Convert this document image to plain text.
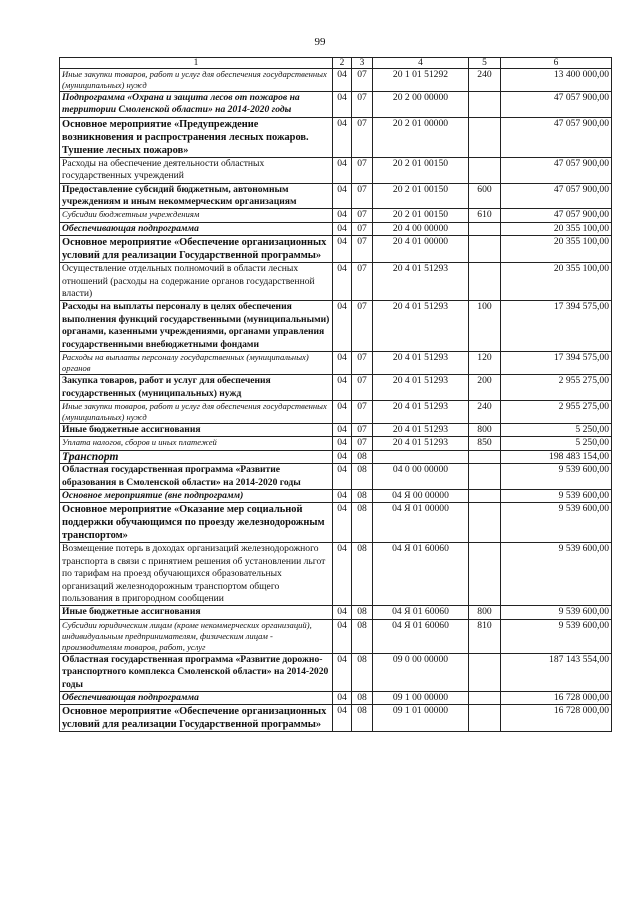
99
1	2	3	4	5	6
Иные закупки товаров, работ и услуг для обеспечения государственных (муниципальных) нужд	04	07	20 1 01 51292	240	13 400 000,00
Подпрограмма «Охрана и защита лесов от пожаров на территории Смоленской области» на 2014-2020 годы	04	07	20 2 00 00000		47 057 900,00
Основное мероприятие «Предупреждение возникновения и распространения лесных пожаров. Тушение лесных пожаров»	04	07	20 2 01 00000		47 057 900,00
Расходы на обеспечение деятельности областных государственных учреждений	04	07	20 2 01 00150		47 057 900,00
Предоставление субсидий бюджетным, автономным учреждениям и иным некоммерческим организациям	04	07	20 2 01 00150	600	47 057 900,00
Субсидии бюджетным учреждениям	04	07	20 2 01 00150	610	47 057 900,00
Обеспечивающая подпрограмма	04	07	20 4 00 00000		20 355 100,00
Основное мероприятие «Обеспечение организационных условий для реализации Государственной программы»	04	07	20 4 01 00000		20 355 100,00
Осуществление отдельных полномочий в области лесных отношений (расходы на содержание органов государственной власти)	04	07	20 4 01 51293		20 355 100,00
Расходы на выплаты персоналу в целях обеспечения выполнения функций государственными (муниципальными) органами, казенными учреждениями, органами управления государственными внебюджетными фондами	04	07	20 4 01 51293	100	17 394 575,00
Расходы на выплаты персоналу государственных (муниципальных) органов	04	07	20 4 01 51293	120	17 394 575,00
Закупка товаров, работ и услуг для обеспечения государственных (муниципальных) нужд	04	07	20 4 01 51293	200	2 955 275,00
Иные закупки товаров, работ и услуг для обеспечения государственных (муниципальных) нужд	04	07	20 4 01 51293	240	2 955 275,00
Иные бюджетные ассигнования	04	07	20 4 01 51293	800	5 250,00
Уплата налогов, сборов и иных платежей	04	07	20 4 01 51293	850	5 250,00
Транспорт	04	08			198 483 154,00
Областная государственная программа «Развитие образования в Смоленской области» на 2014-2020 годы	04	08	04 0 00 00000		9 539 600,00
Основное мероприятие (вне подпрограмм)	04	08	04 Я 00 00000		9 539 600,00
Основное мероприятие «Оказание мер социальной поддержки обучающимся по проезду железнодорожным транспортом»	04	08	04 Я 01 00000		9 539 600,00
Возмещение потерь в доходах организаций железнодорожного транспорта в связи с принятием решения об установлении льгот по тарифам на проезд обучающихся образовательных организаций железнодорожным транспортом общего пользования в пригородном сообщении	04	08	04 Я 01 60060		9 539 600,00
Иные бюджетные ассигнования	04	08	04 Я 01 60060	800	9 539 600,00
Субсидии юридическим лицам (кроме некоммерческих организаций), индивидуальным предпринимателям, физическим лицам - производителям товаров, работ, услуг	04	08	04 Я 01 60060	810	9 539 600,00
Областная государственная программа «Развитие дорожно-транспортного комплекса Смоленской области» на 2014-2020 годы	04	08	09 0 00 00000		187 143 554,00
Обеспечивающая подпрограмма	04	08	09 1 00 00000		16 728 000,00
Основное мероприятие «Обеспечение организационных условий для реализации Государственной программы»	04	08	09 1 01 00000		16 728 000,00
